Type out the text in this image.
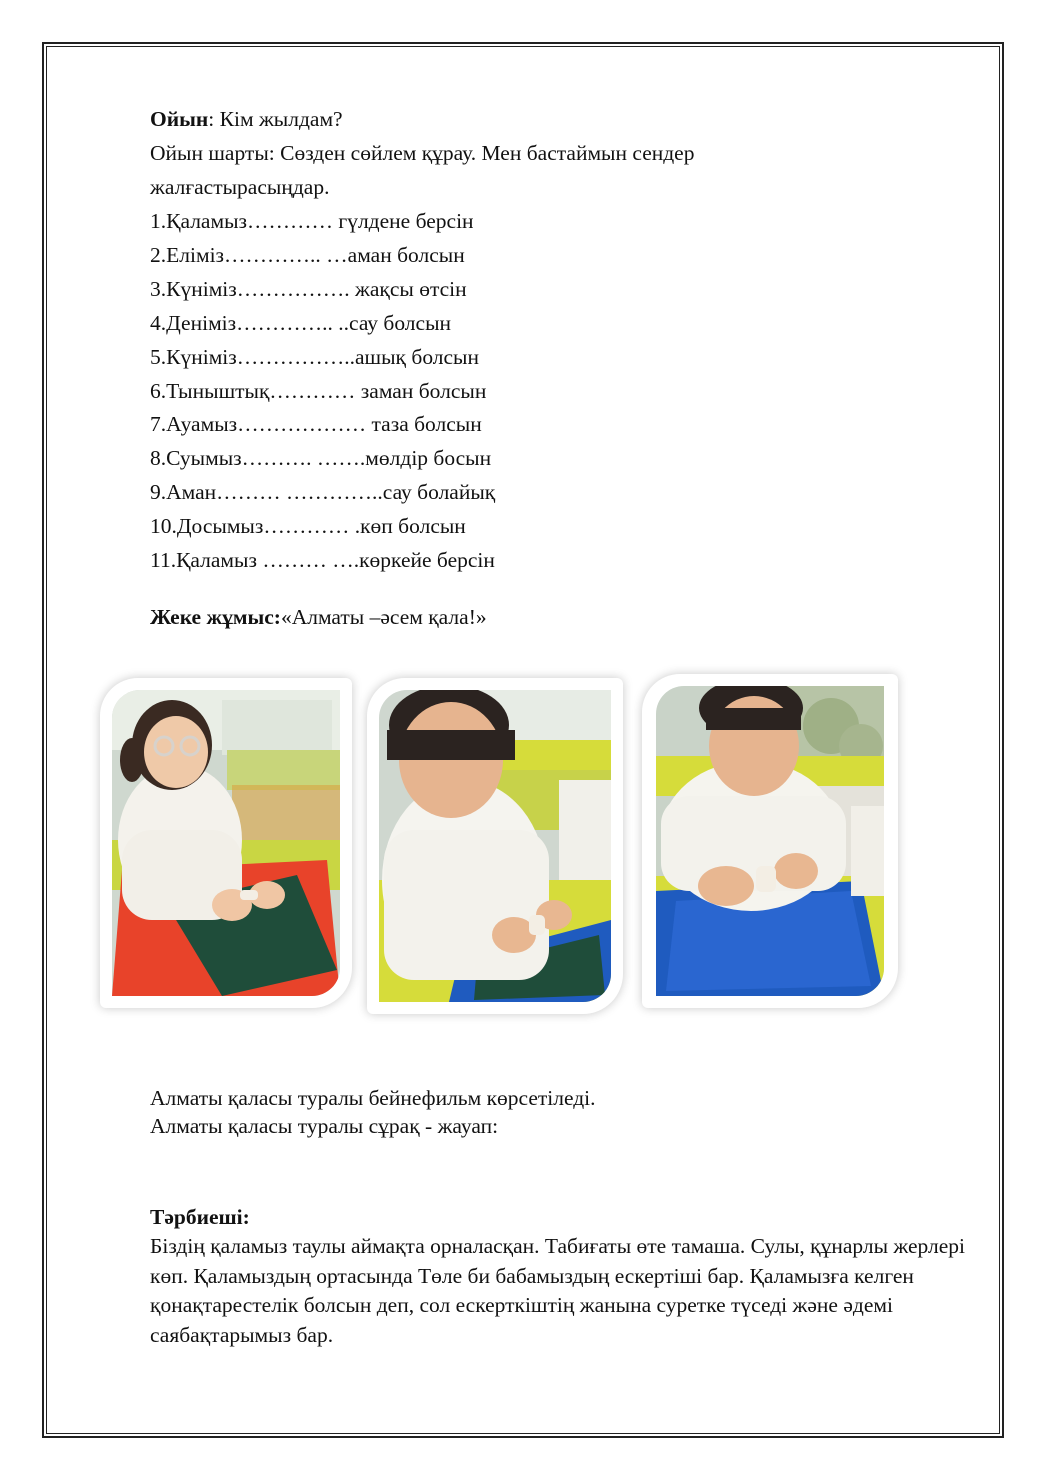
Ойын: Кім жылдам?
Ойын шарты: Сөзден сөйлем құрау. Мен бастаймын сендер
жалғастырасыңдар.
1.Қаламыз………… гүлдене берсін
2.Еліміз………….. …аман болсын
3.Күніміз……………. жақсы өтсін
4.Деніміз………….. ..сау болсын
5.Күніміз……………..ашық болсын
6.Тыныштық………… заман болсын
7.Ауамыз……………… таза болсын
8.Суымыз………. …….мөлдір босын
9.Аман……… …………..сау болайық
10.Досымыз………… .көп болсын
11.Қаламыз ……… ….көркейе берсін
Жеке жұмыс:«Алматы –әсем қала!»
Алматы қаласы туралы бейнефильм көрсетіледі.
Алматы қаласы туралы сұрақ - жауап:
Тәрбиеші:
Біздің қаламыз таулы аймақта орналасқан. Табиғаты өте тамаша. Сулы, құнарлы жерлері көп. Қаламыздың ортасында Төле би бабамыздың ескертіші бар. Қаламызға келген қонақтарестелік болсын деп, сол ескерткіштің жанына суретке түседі және әдемі саябақтарымыз бар.
